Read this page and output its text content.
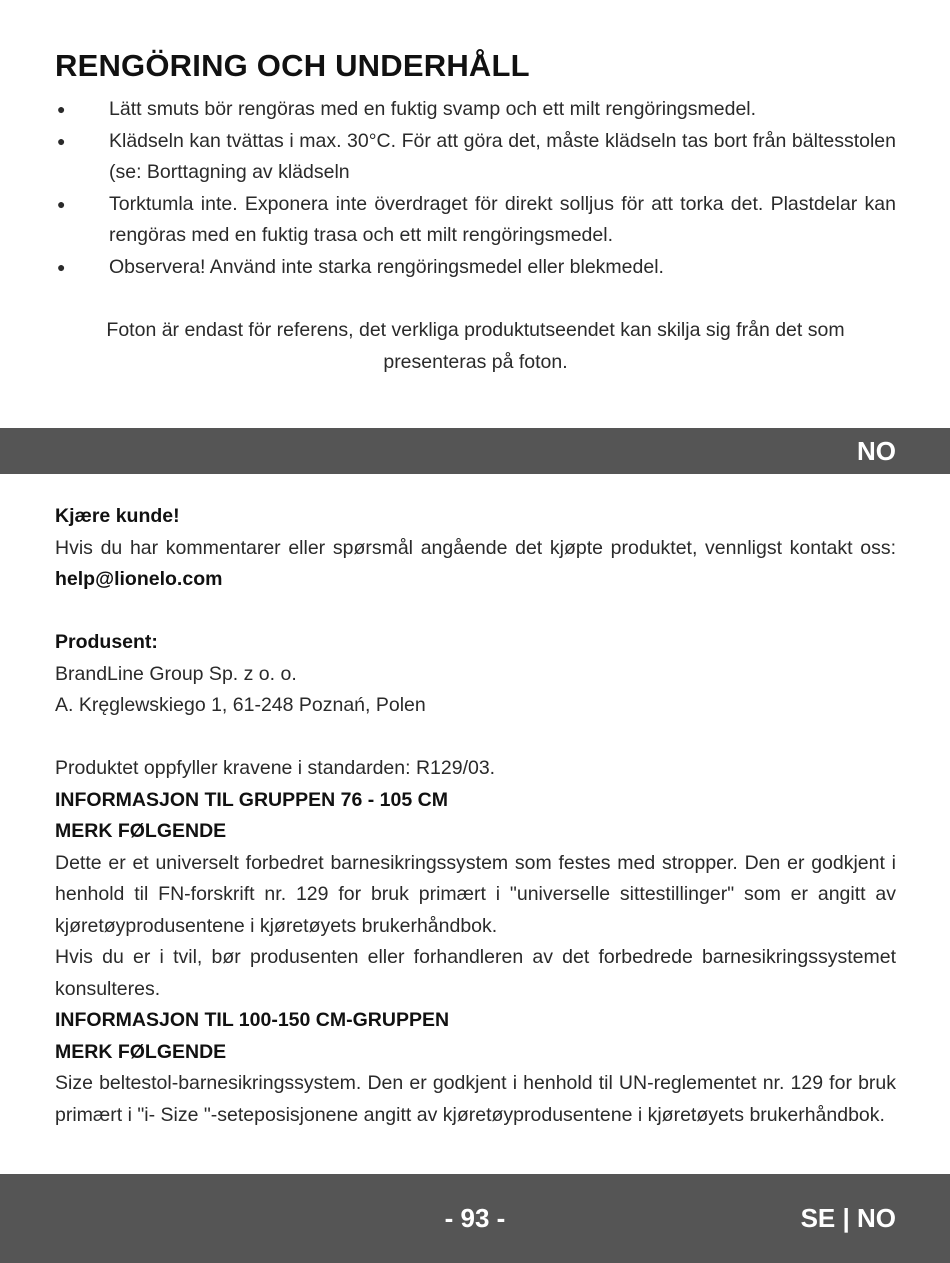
RENGÖRING OCH UNDERHÅLL
● Lätt smuts bör rengöras med en fuktig svamp och ett milt rengöringsmedel.
● Klädseln kan tvättas i max. 30°C. För att göra det, måste klädseln tas bort från bältesstolen (se: Borttagning av klädseln
● Torktumla inte. Exponera inte överdraget för direkt solljus för att torka det. Plastdelar kan rengöras med en fuktig trasa och ett milt rengöringsmedel.
● Observera! Använd inte starka rengöringsmedel eller blekmedel.

Foton är endast för referens, det verkliga produktutseendet kan skilja sig från det som presenteras på foton.

NO

Kjære kunde!

Hvis du har kommentarer eller spørsmål angående det kjøpte produktet, vennligst kontakt oss: help@lionelo.com

Produsent:

BrandLine Group Sp. z o. o.

A. Kręglewskiego 1, 61-248 Poznań, Polen

Produktet oppfyller kravene i standarden: R129/03.

INFORMASJON TIL GRUPPEN 76 - 105 CM

MERK FØLGENDE

Dette er et universelt forbedret barnesikringssystem som festes med stropper. Den er godkjent i henhold til FN-forskrift nr. 129 for bruk primært i "universelle sittestillinger" som er angitt av kjøretøyprodusentene i kjøretøyets brukerhåndbok.

Hvis du er i tvil, bør produsenten eller forhandleren av det forbedrede barnesikringssystemet konsulteres.

INFORMASJON TIL 100-150 CM-GRUPPEN

MERK FØLGENDE

Size beltestol-barnesikringssystem. Den er godkjent i henhold til UN-reglementet nr. 129 for bruk primært i "i- Size "-seteposisjonene angitt av kjøretøyprodusentene i kjøretøyets brukerhåndbok.

- 93 -	SE | NO
